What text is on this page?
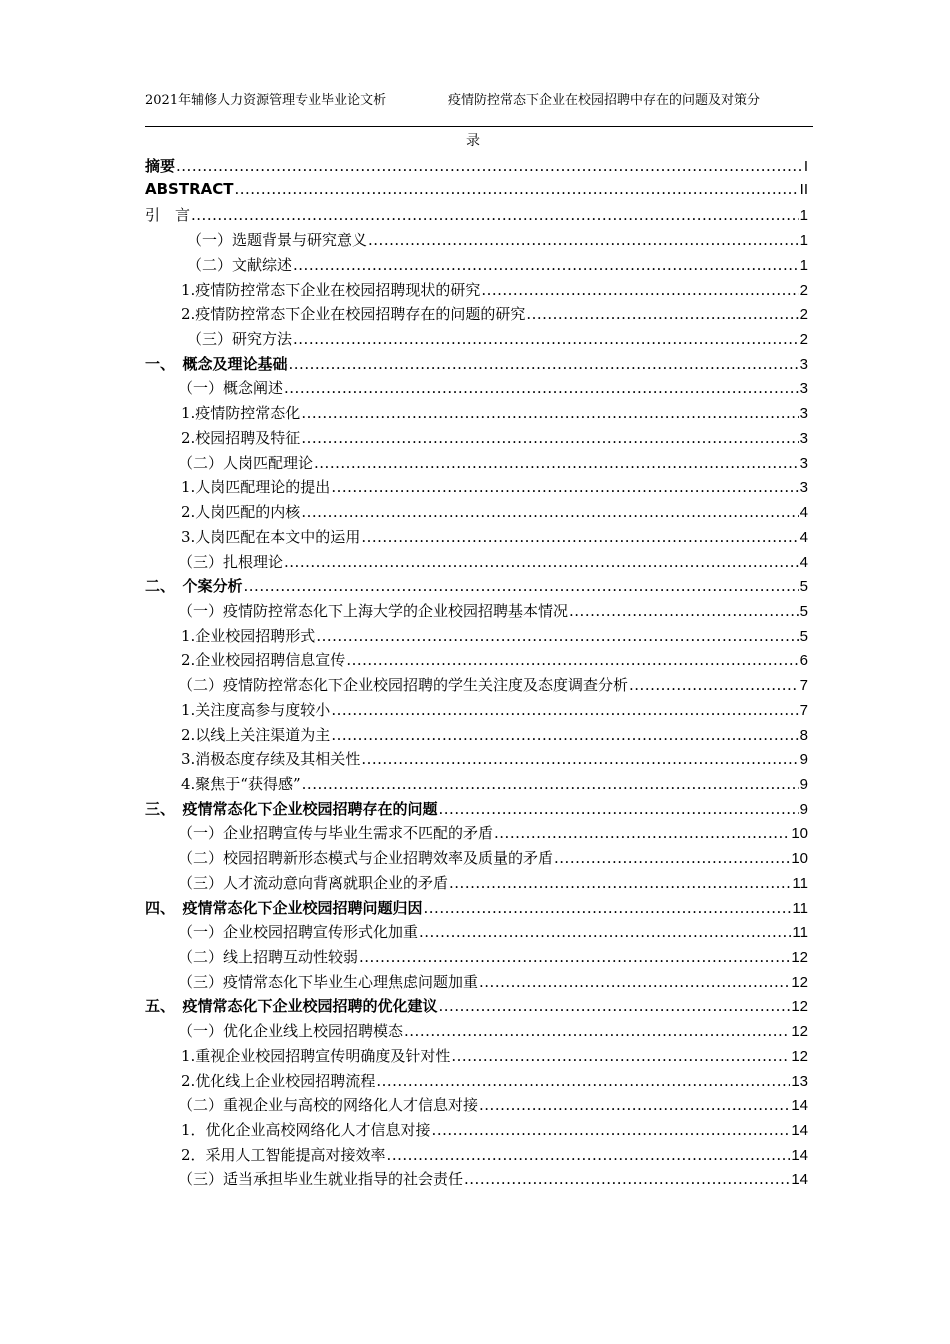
2021年辅修人力资源管理专业毕业论文析	疫情防控常态下企业在校园招聘中存在的问题及对策分
录
摘要 .....	I
ABSTRACT .....	II
引　言 .....	1
（一）选题背景与研究意义 .....	1
（二）文献综述 .....	1
1.疫情防控常态下企业在校园招聘现状的研究 .....	2
2.疫情防控常态下企业在校园招聘存在的问题的研究 .....	2
（三）研究方法 .....	2
一、　概念及理论基础 .....	3
（一）概念阐述 .....	3
1.疫情防控常态化 .....	3
2.校园招聘及特征 .....	3
（二）人岗匹配理论 .....	3
1.人岗匹配理论的提出 .....	3
2.人岗匹配的内核 .....	4
3.人岗匹配在本文中的运用 .....	4
（三）扎根理论 .....	4
二、　个案分析 .....	5
（一）疫情防控常态化下上海大学的企业校园招聘基本情况 .....	5
1.企业校园招聘形式 .....	5
2.企业校园招聘信息宣传 .....	6
（二）疫情防控常态化下企业校园招聘的学生关注度及态度调查分析 .....	7
1.关注度高参与度较小 .....	7
2.以线上关注渠道为主 .....	8
3.消极态度存续及其相关性 .....	9
4.聚焦于“获得感” .....	9
三、　疫情常态化下企业校园招聘存在的问题 .....	9
（一）企业招聘宣传与毕业生需求不匹配的矛盾 .....	10
（二）校园招聘新形态模式与企业招聘效率及质量的矛盾 .....	10
（三）人才流动意向背离就职企业的矛盾 .....	11
四、　疫情常态化下企业校园招聘问题归因 .....	11
（一）企业校园招聘宣传形式化加重 .....	11
（二）线上招聘互动性较弱 .....	12
（三）疫情常态化下毕业生心理焦虑问题加重 .....	12
五、　疫情常态化下企业校园招聘的优化建议 .....	12
（一）优化企业线上校园招聘模态 .....	12
1.重视企业校园招聘宣传明确度及针对性 .....	12
2.优化线上企业校园招聘流程 .....	13
（二）重视企业与高校的网络化人才信息对接 .....	14
1．优化企业高校网络化人才信息对接 .....	14
2．采用人工智能提高对接效率 .....	14
（三）适当承担毕业生就业指导的社会责任 .....	14
